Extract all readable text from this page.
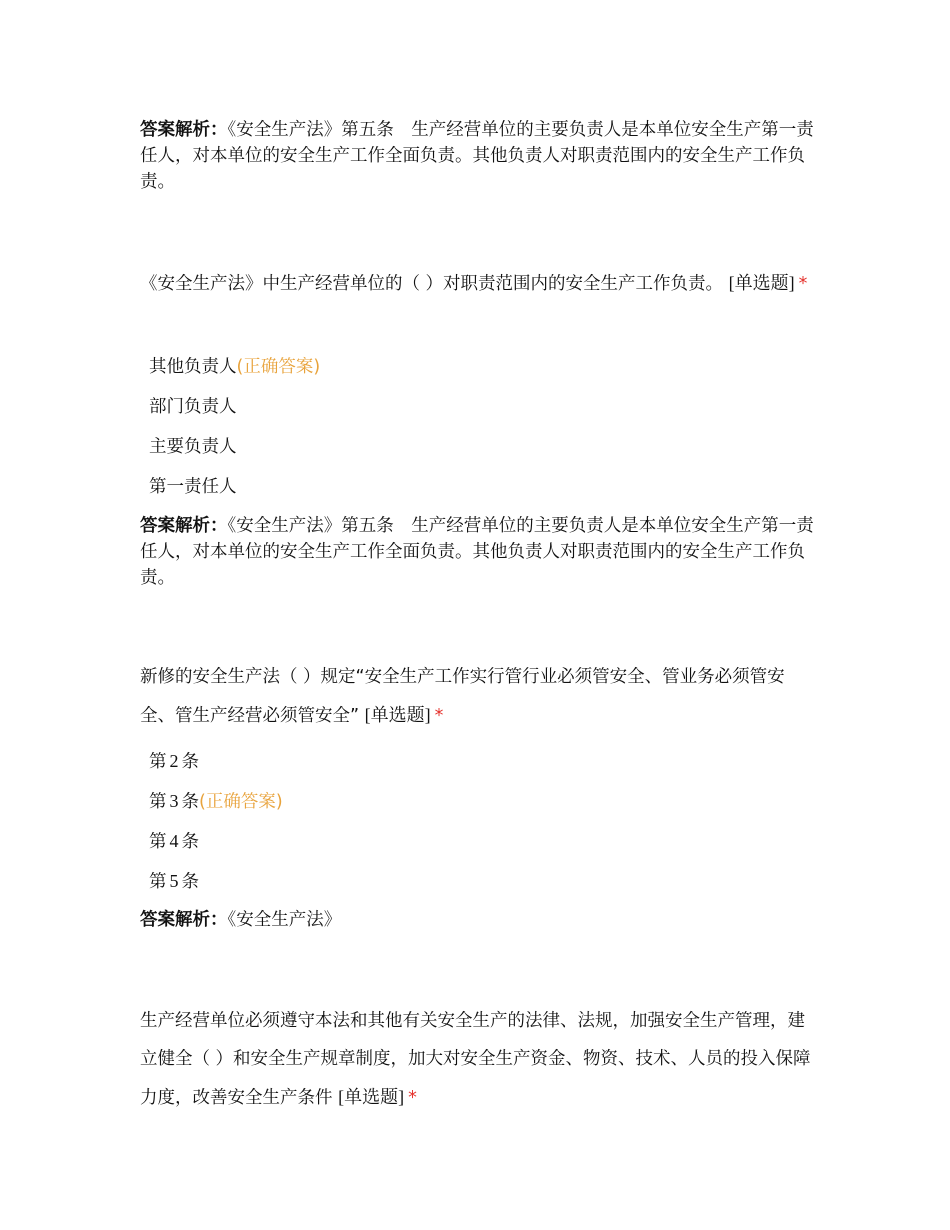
答案解析：《安全生产法》第五条　生产经营单位的主要负责人是本单位安全生产第一责任人，对本单位的安全生产工作全面负责。其他负责人对职责范围内的安全生产工作负责。

《安全生产法》中生产经营单位的（ ）对职责范围内的安全生产工作负责。 [单选题] *

其他负责人(正确答案)
部门负责人
主要负责人
第一责任人

答案解析：《安全生产法》第五条　生产经营单位的主要负责人是本单位安全生产第一责任人，对本单位的安全生产工作全面负责。其他负责人对职责范围内的安全生产工作负责。

新修的安全生产法（ ）规定“安全生产工作实行管行业必须管安全、管业务必须管安全、管生产经营必须管安全” [单选题] *

第 2 条
第 3 条(正确答案)
第 4 条
第 5 条

答案解析：《安全生产法》

生产经营单位必须遵守本法和其他有关安全生产的法律、法规，加强安全生产管理，建立健全（ ）和安全生产规章制度，加大对安全生产资金、物资、技术、人员的投入保障力度，改善安全生产条件 [单选题] *
